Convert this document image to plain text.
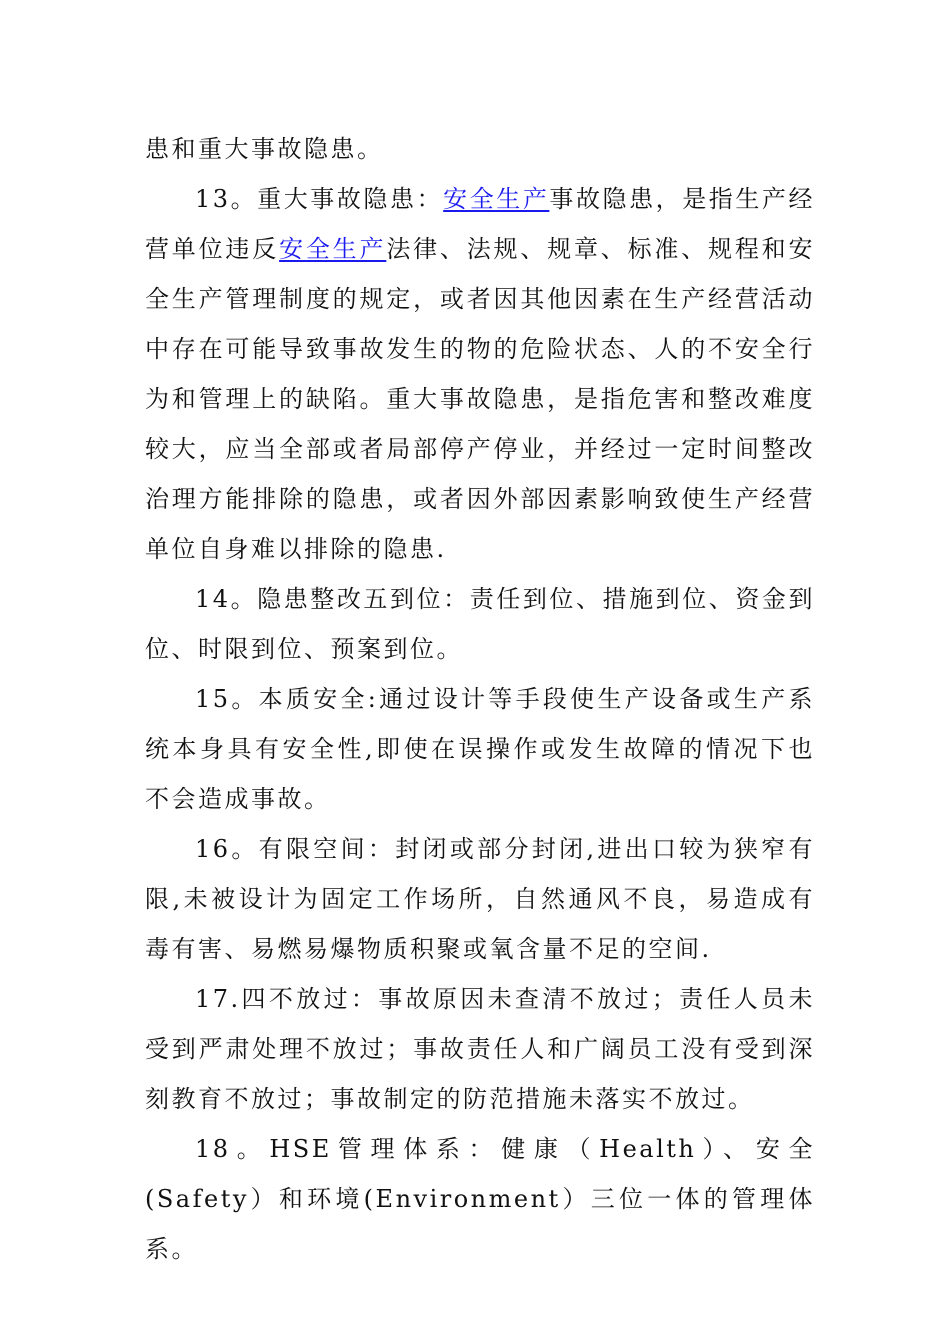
患和重大事故隐患。

13。重大事故隐患：安全生产事故隐患，是指生产经营单位违反安全生产法律、法规、规章、标准、规程和安全生产管理制度的规定，或者因其他因素在生产经营活动中存在可能导致事故发生的物的危险状态、人的不安全行为和管理上的缺陷。重大事故隐患，是指危害和整改难度较大，应当全部或者局部停产停业，并经过一定时间整改治理方能排除的隐患，或者因外部因素影响致使生产经营单位自身难以排除的隐患.

14。隐患整改五到位：责任到位、措施到位、资金到位、时限到位、预案到位。

15。本质安全:通过设计等手段使生产设备或生产系统本身具有安全性,即使在误操作或发生故障的情况下也不会造成事故。

16。有限空间：封闭或部分封闭,进出口较为狭窄有限,未被设计为固定工作场所，自然通风不良，易造成有毒有害、易燃易爆物质积聚或氧含量不足的空间.

17.四不放过：事故原因未查清不放过；责任人员未受到严肃处理不放过；事故责任人和广阔员工没有受到深刻教育不放过；事故制定的防范措施未落实不放过。

18。HSE管理体系：健康（Health）、安全(Safety）和环境(Environment）三位一体的管理体系。
